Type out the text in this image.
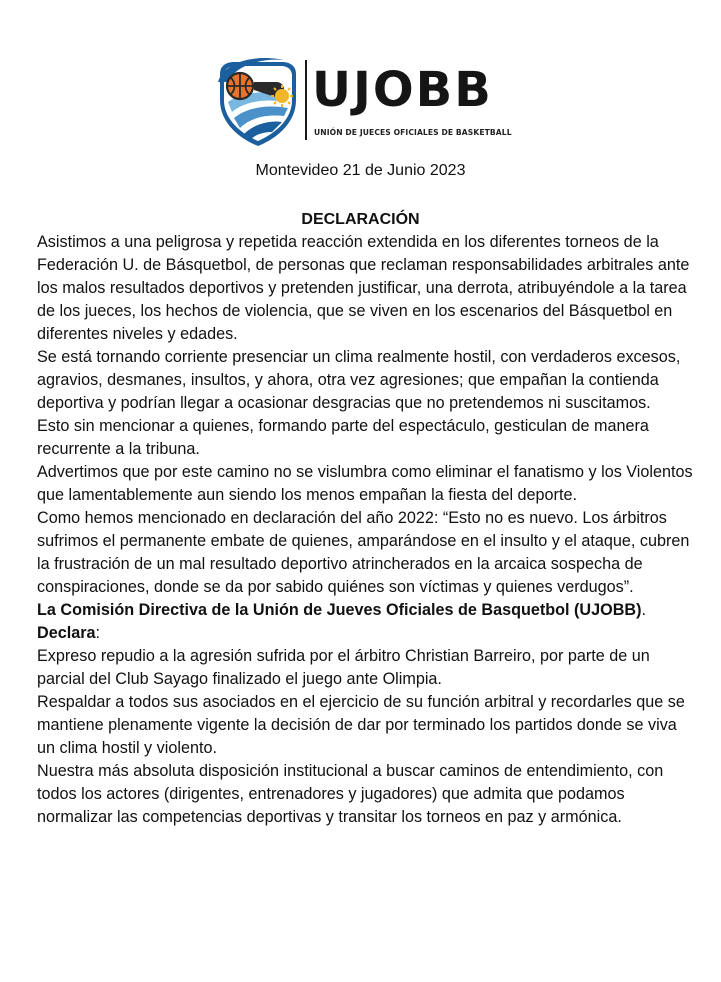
UJOBB
UNIÓN DE JUECES OFICIALES DE BASKETBALL
Montevideo 21 de Junio 2023
DECLARACIÓN

Asistimos a una peligrosa y repetida reacción extendida en los diferentes torneos de la Federación U. de Básquetbol, de personas que reclaman responsabilidades arbitrales ante los malos resultados deportivos y pretenden justificar, una derrota, atribuyéndole a la tarea de los jueces, los hechos de violencia, que se viven en los escenarios del Básquetbol en diferentes niveles y edades.

Se está tornando corriente presenciar un clima realmente hostil, con verdaderos excesos, agravios, desmanes, insultos, y ahora, otra vez agresiones; que empañan la contienda deportiva y podrían llegar a ocasionar desgracias que no pretendemos ni suscitamos.

Esto sin mencionar a quienes, formando parte del espectáculo, gesticulan de manera recurrente a la tribuna.

Advertimos que por este camino no se vislumbra como eliminar el fanatismo y los Violentos que lamentablemente aun siendo los menos empañan la fiesta del deporte.

Como hemos mencionado en declaración del año 2022: “Esto no es nuevo. Los árbitros sufrimos el permanente embate de quienes, amparándose en el insulto y el ataque, cubren la frustración de un mal resultado deportivo atrincherados en la arcaica sospecha de conspiraciones, donde se da por sabido quiénes son víctimas y quienes verdugos”.

La Comisión Directiva de la Unión de Jueves Oficiales de Basquetbol (UJOBB).

Declara:

Expreso repudio a la agresión sufrida por el árbitro Christian Barreiro, por parte de un parcial del Club Sayago finalizado el juego ante Olimpia.

Respaldar a todos sus asociados en el ejercicio de su función arbitral y recordarles que se mantiene plenamente vigente la decisión de dar por terminado los partidos donde se viva un clima hostil y violento.

Nuestra más absoluta disposición institucional a buscar caminos de entendimiento, con todos los actores (dirigentes, entrenadores y jugadores) que admita que podamos normalizar las competencias deportivas y transitar los torneos en paz y armónica.
